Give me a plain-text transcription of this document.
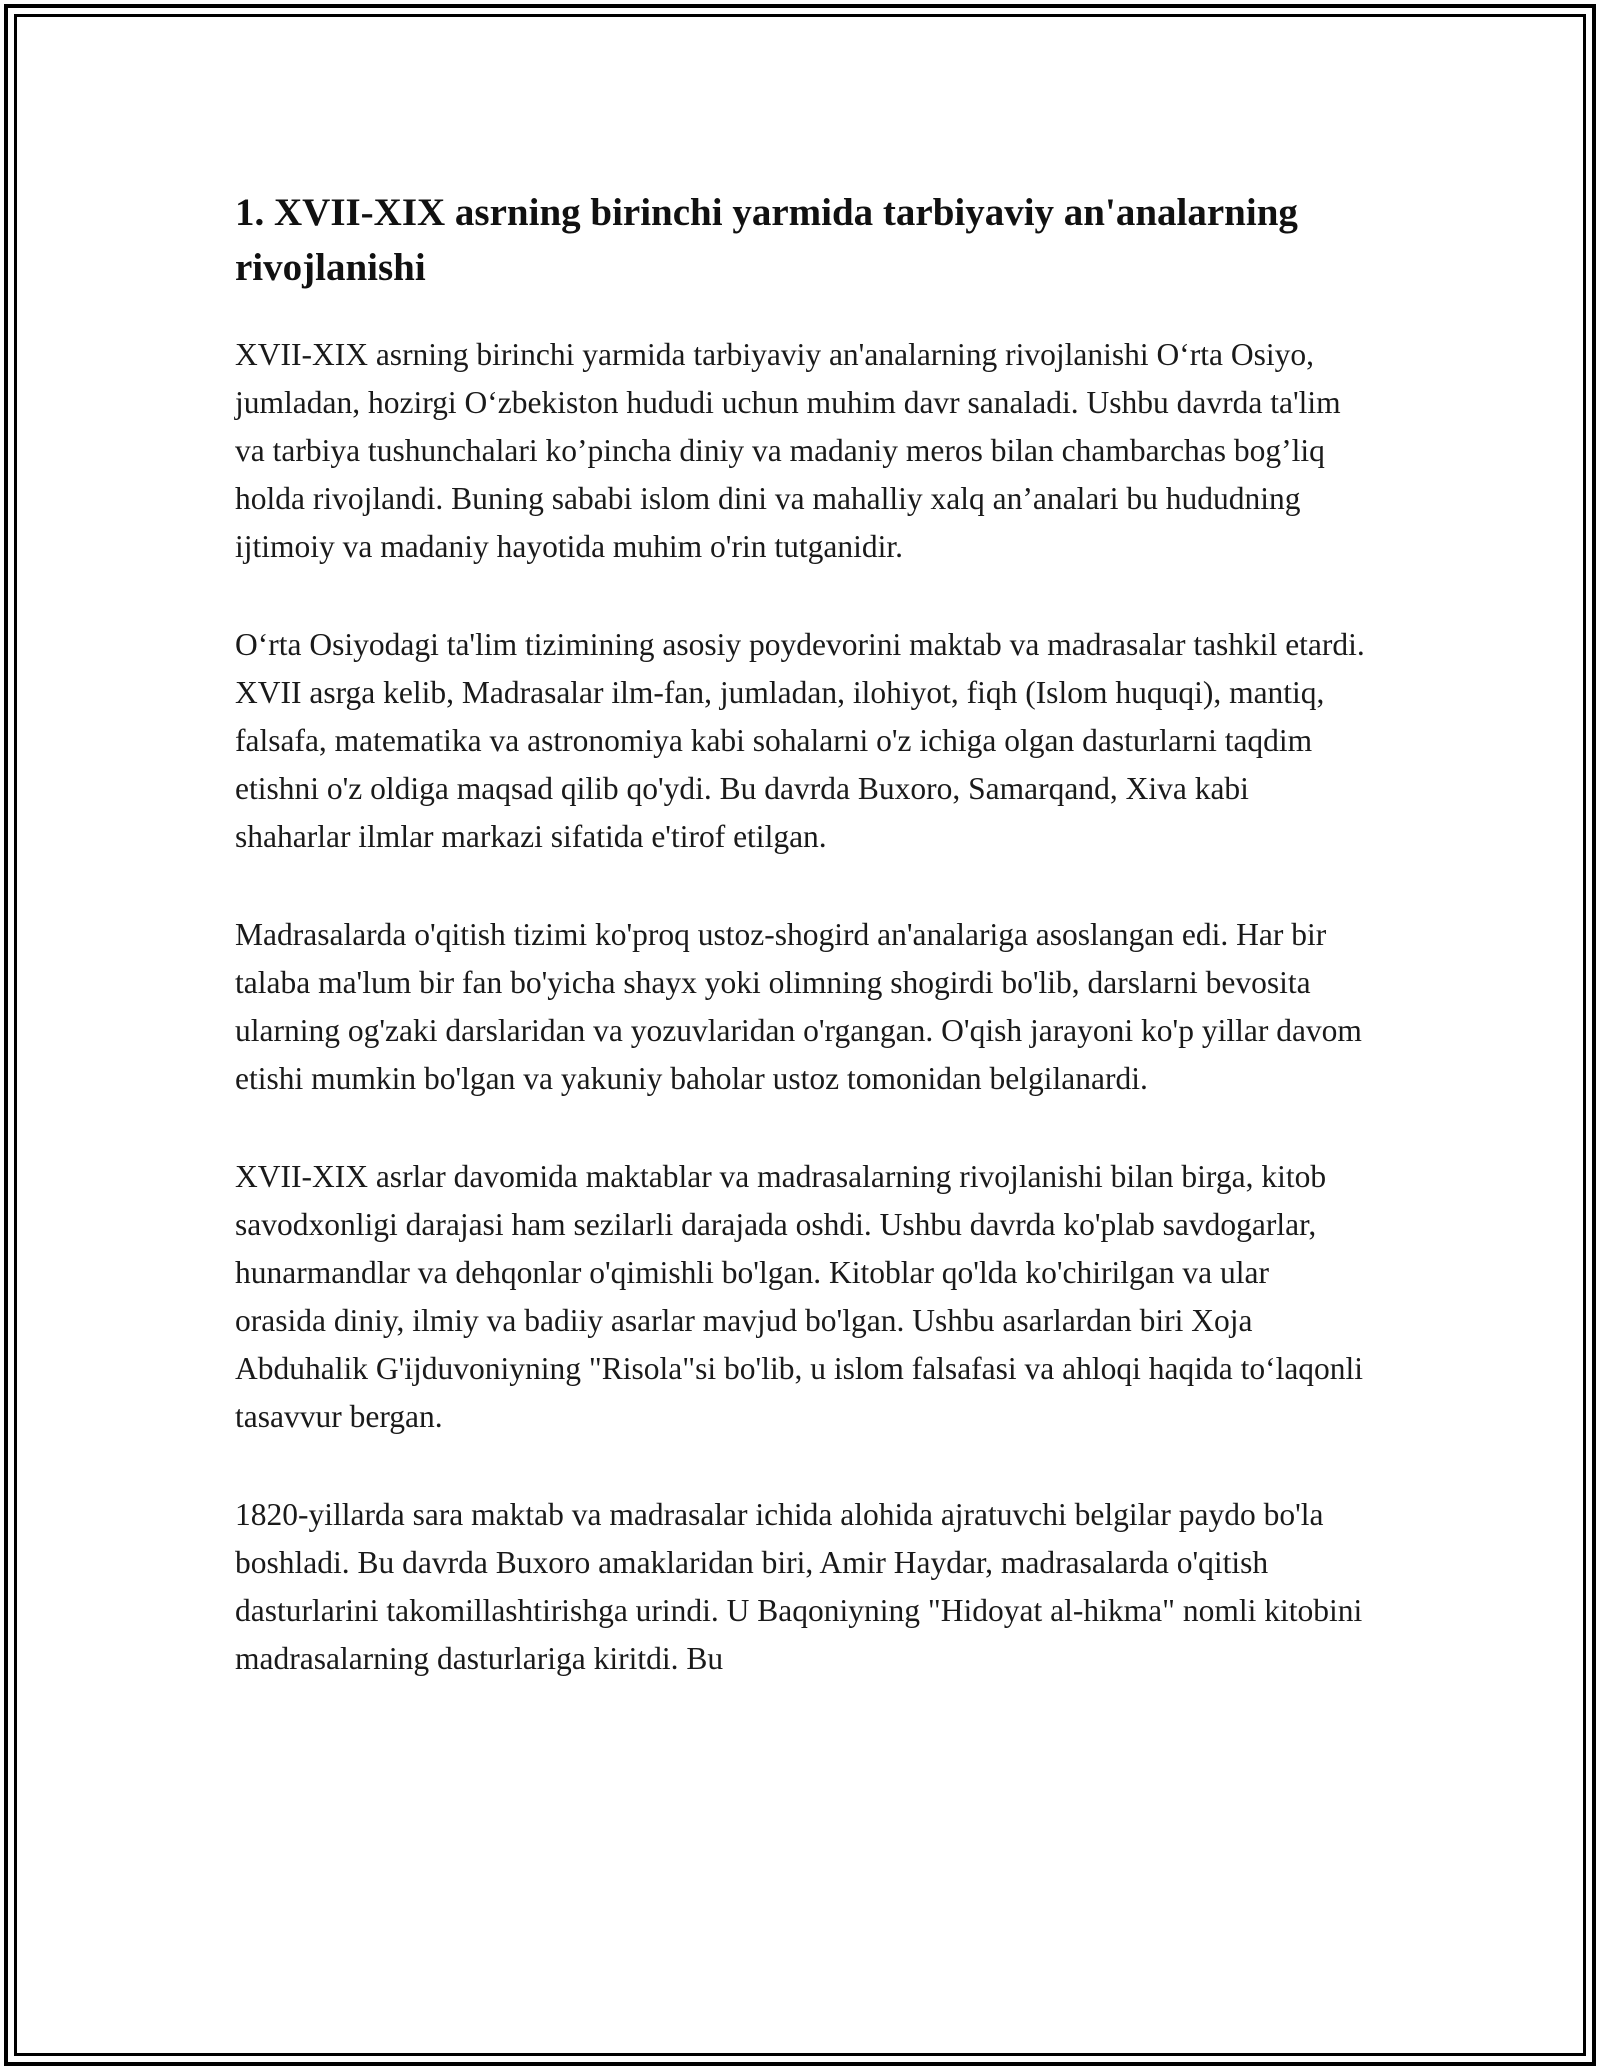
1. XVII-XIX asrning birinchi yarmida tarbiyaviy an'analarning rivojlanishi

XVII-XIX asrning birinchi yarmida tarbiyaviy an'analarning rivojlanishi O‘rta Osiyo, jumladan, hozirgi O‘zbekiston hududi uchun muhim davr sanaladi. Ushbu davrda ta'lim va tarbiya tushunchalari ko’pincha diniy va madaniy meros bilan chambarchas bog’liq holda rivojlandi. Buning sababi islom dini va mahalliy xalq an’analari bu hududning ijtimoiy va madaniy hayotida muhim o'rin tutganidir.

O‘rta Osiyodagi ta'lim tizimining asosiy poydevorini maktab va madrasalar tashkil etardi. XVII asrga kelib, Madrasalar ilm-fan, jumladan, ilohiyot, fiqh (Islom huquqi), mantiq, falsafa, matematika va astronomiya kabi sohalarni o'z ichiga olgan dasturlarni taqdim etishni o'z oldiga maqsad qilib qo'ydi. Bu davrda Buxoro, Samarqand, Xiva kabi shaharlar ilmlar markazi sifatida e'tirof etilgan.

Madrasalarda o'qitish tizimi ko'proq ustoz-shogird an'analariga asoslangan edi. Har bir talaba ma'lum bir fan bo'yicha shayx yoki olimning shogirdi bo'lib, darslarni bevosita ularning og'zaki darslaridan va yozuvlaridan o'rgangan. O'qish jarayoni ko'p yillar davom etishi mumkin bo'lgan va yakuniy baholar ustoz tomonidan belgilanardi.

XVII-XIX asrlar davomida maktablar va madrasalarning rivojlanishi bilan birga, kitob savodxonligi darajasi ham sezilarli darajada oshdi. Ushbu davrda ko'plab savdogarlar, hunarmandlar va dehqonlar o'qimishli bo'lgan. Kitoblar qo'lda ko'chirilgan va ular orasida diniy, ilmiy va badiiy asarlar mavjud bo'lgan. Ushbu asarlardan biri Xoja Abduhalik G'ijduvoniyning "Risola"si bo'lib, u islom falsafasi va ahloqi haqida to‘laqonli tasavvur bergan.

1820-yillarda sara maktab va madrasalar ichida alohida ajratuvchi belgilar paydo bo'la boshladi. Bu davrda Buxoro amaklaridan biri, Amir Haydar, madrasalarda o'qitish dasturlarini takomillashtirishga urindi. U Baqoniyning "Hidoyat al-hikma" nomli kitobini madrasalarning dasturlariga kiritdi. Bu
